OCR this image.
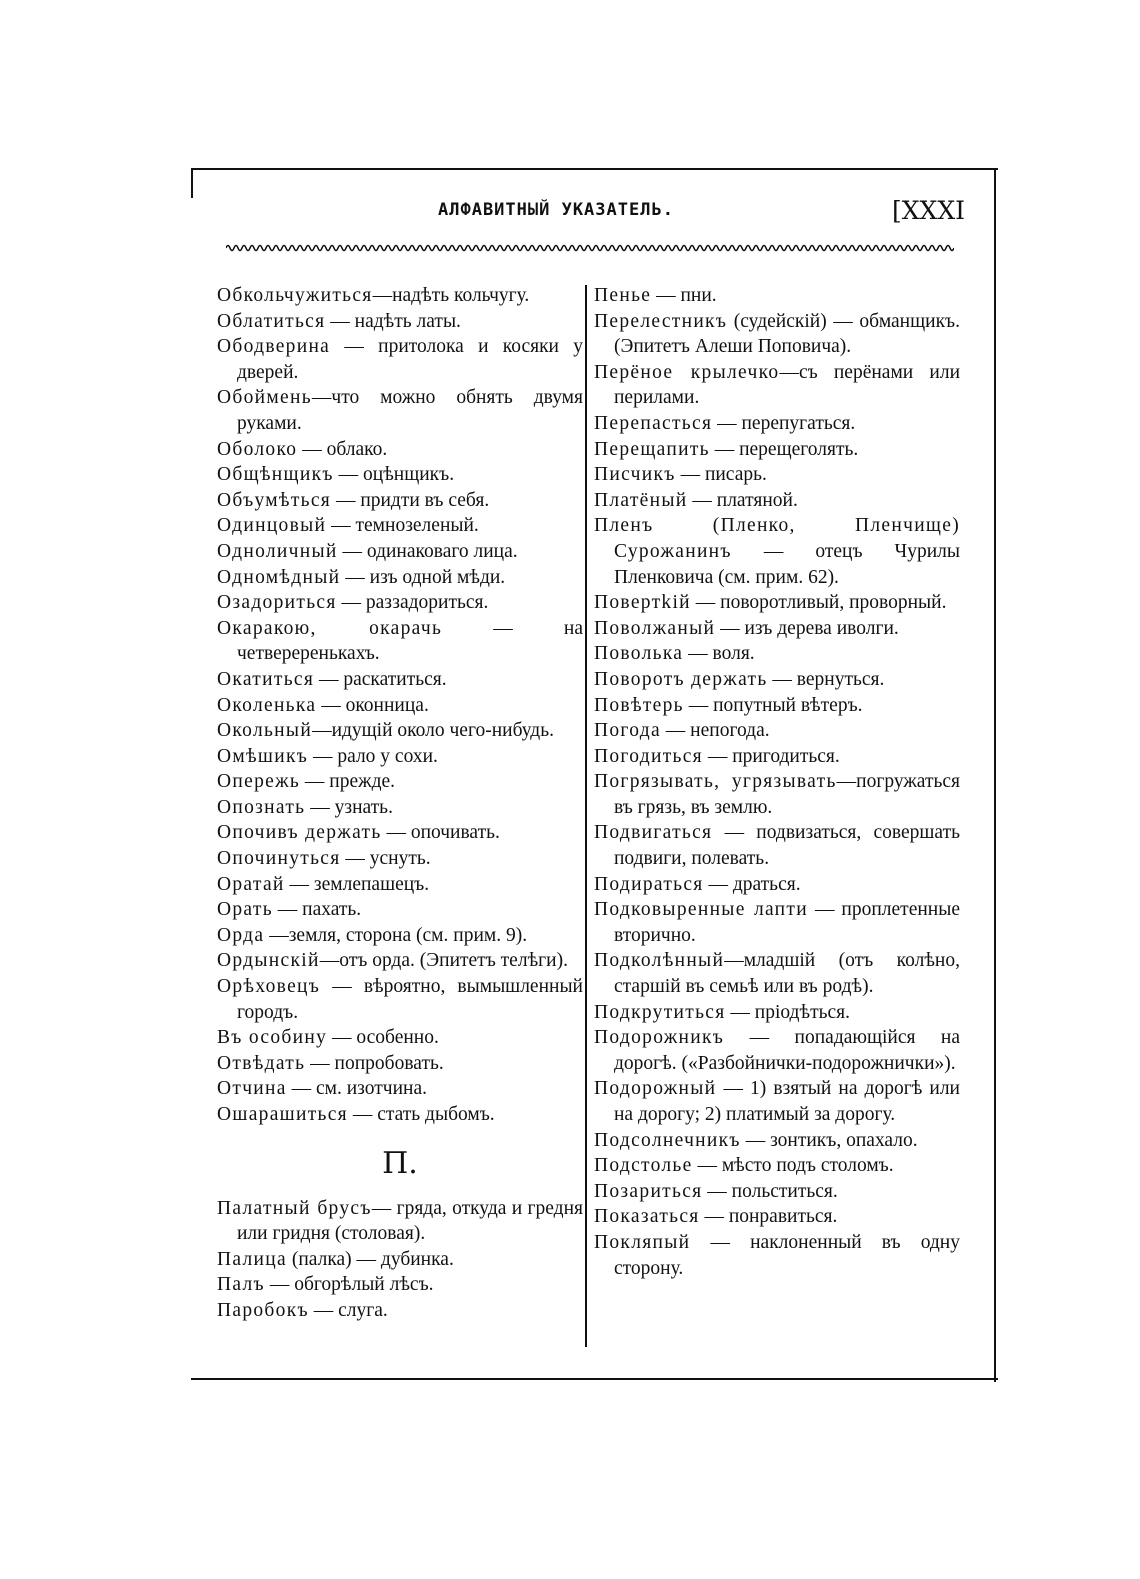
АЛФАВИТНЫЙ УКАЗАТЕЛЬ.	[XXXI

Обкольчужиться—надѣть кольчугу.

Облатиться — надѣть латы.

Ободверина — притолока и косяки у дверей.

Обоймень—что можно обнять двумя руками.

Оболоко — облако.

Общѣнщикъ — оцѣнщикъ.

Объумѣться — придти въ себя.

Одинцовый — темнозеленый.

Одноличный — одинаковаго лица.

Одномѣдный — изъ одной мѣди.

Озадориться — раззадориться.

Окаракою, окарачь — на четвереренькахъ.

Окатиться — раскатиться.

Околенька — оконница.

Окольный—идущій около чего-нибудь.

Омѣшикъ — рало у сохи.

Опережь — прежде.

Опознать — узнать.

Опочивъ держать — опочивать.

Опочинуться — уснуть.

Оратай — землепашецъ.

Орать — пахать.

Орда —земля, сторона (см. прим. 9).

Ордынскій—отъ орда. (Эпитетъ телѣги).

Орѣховецъ — вѣроятно, вымышленный городъ.

Въ особину — особенно.

Отвѣдать — попробовать.

Отчина — см. изотчина.

Ошарашиться — стать дыбомъ.

П.

Палатный брусъ— гряда, откуда и гредня или гридня (столовая).

Палица (палка) — дубинка.

Палъ — обгорѣлый лѣсъ.

Паробокъ — слуга.

Пенье — пни.

Перелестникъ (судейскій) — обманщикъ. (Эпитетъ Алеши Поповича).

Перёное крылечко—съ перёнами или перилами.

Перепасться — перепугаться.

Перещапить — перещеголять.

Писчикъ — писарь.

Платёный — платяной.

Пленъ (Пленко, Пленчище) Сурожанинъ — отецъ Чурилы Пленковича (см. прим. 62).

Повертkій — поворотливый, проворный.

Поволжаный — изъ дерева иволги.

Поволька — воля.

Поворотъ держать — вернуться.

Повѣтерь — попутный вѣтеръ.

Погода — непогода.

Погодиться — пригодиться.

Погрязывать, угрязывать—погружаться въ грязь, въ землю.

Подвигаться — подвизаться, совершать подвиги, полевать.

Подираться — драться.

Подковыренные лапти — проплетенные вторично.

Подколѣнный—младшій (отъ колѣно, старшій въ семьѣ или въ родѣ).

Подкрутиться — пріодѣться.

Подорожникъ — попадающійся на дорогѣ. («Разбойнички-подорожнички»).

Подорожный — 1) взятый на дорогѣ или на дорогу; 2) платимый за дорогу.

Подсолнечникъ — зонтикъ, опахало.

Подстолье — мѣсто подъ столомъ.

Позариться — польститься.

Показаться — понравиться.

Покляпый — наклоненный въ одну сторону.
